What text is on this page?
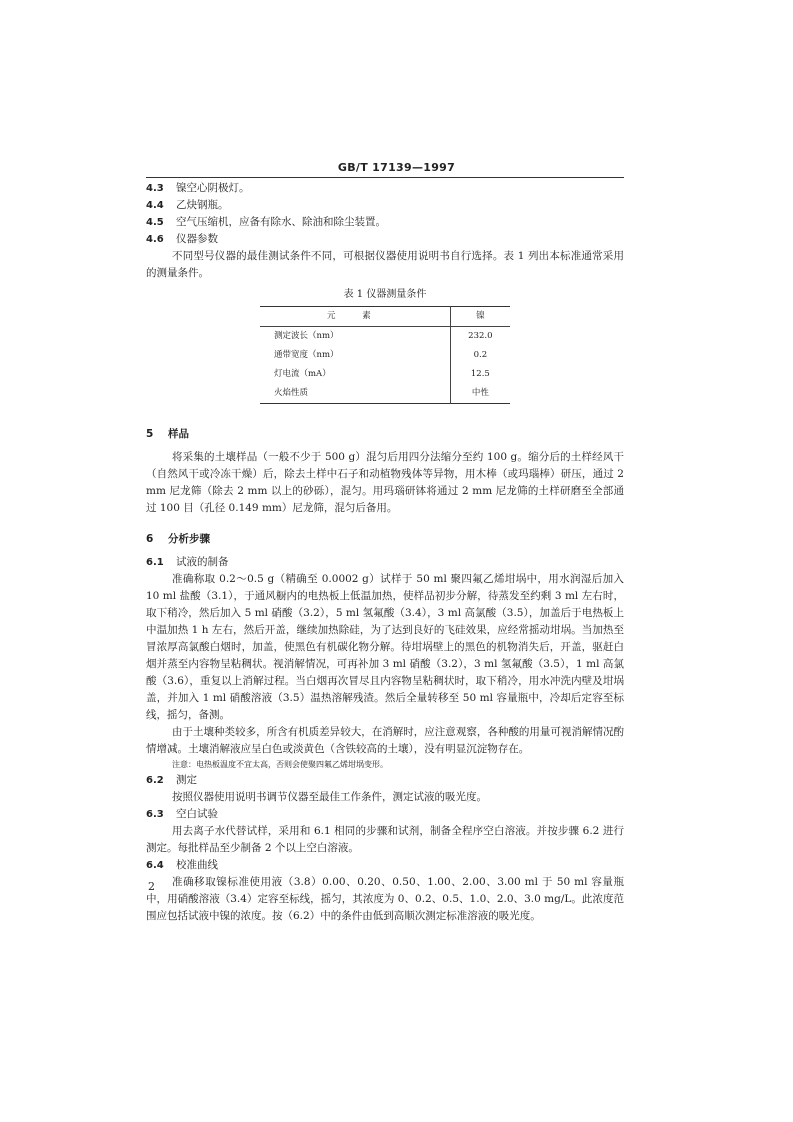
GB/T 17139—1997
4.3	镍空心阴极灯。
4.4	乙炔钢瓶。
4.5	空气压缩机，应备有除水、除油和除尘装置。
4.6	仪器参数

不同型号仪器的最佳测试条件不同，可根据仪器使用说明书自行选择。表 1 列出本标准通常采用的测量条件。

表 1 仪器测量条件
元 素	镍
测定波长（nm）	232.0
通带宽度（nm）	0.2
灯电流（mA）	12.5
火焰性质	中性
5	样品

将采集的土壤样品（一般不少于 500 g）混匀后用四分法缩分至约 100 g。缩分后的土样经风干（自然风干或冷冻干燥）后，除去土样中石子和动植物残体等异物，用木棒（或玛瑙棒）研压，通过 2 mm 尼龙筛（除去 2 mm 以上的砂砾），混匀。用玛瑙研钵将通过 2 mm 尼龙筛的土样研磨至全部通过 100 目（孔径 0.149 mm）尼龙筛，混匀后备用。

6	分析步骤
6.1	试液的制备

准确称取 0.2～0.5 g（精确至 0.0002 g）试样于 50 ml 聚四氟乙烯坩埚中，用水润湿后加入 10 ml 盐酸（3.1），于通风橱内的电热板上低温加热，使样品初步分解，待蒸发至约剩 3 ml 左右时，取下稍冷，然后加入 5 ml 硝酸（3.2），5 ml 氢氟酸（3.4），3 ml 高氯酸（3.5），加盖后于电热板上中温加热 1 h 左右，然后开盖，继续加热除硅，为了达到良好的飞硅效果，应经常摇动坩埚。当加热至冒浓厚高氯酸白烟时，加盖，使黑色有机碳化物分解。待坩埚壁上的黑色的机物消失后，开盖，驱赶白烟并蒸至内容物呈粘稠状。视消解情况，可再补加 3 ml 硝酸（3.2），3 ml 氢氟酸（3.5），1 ml 高氯酸（3.6），重复以上消解过程。当白烟再次冒尽且内容物呈粘稠状时，取下稍冷，用水冲洗内壁及坩埚盖，并加入 1 ml 硝酸溶液（3.5）温热溶解残渣。然后全量转移至 50 ml 容量瓶中，冷却后定容至标线，摇匀，备测。

由于土壤种类较多，所含有机质差异较大，在消解时，应注意观察，各种酸的用量可视消解情况酌情增减。土壤消解液应呈白色或淡黄色（含铁较高的土壤），没有明显沉淀物存在。

注意：电热板温度不宜太高，否则会使聚四氟乙烯坩埚变形。
6.2	测定

按照仪器使用说明书调节仪器至最佳工作条件，测定试液的吸光度。

6.3	空白试验

用去离子水代替试样，采用和 6.1 相同的步骤和试剂，制备全程序空白溶液。并按步骤 6.2 进行测定。每批样品至少制备 2 个以上空白溶液。

6.4	校准曲线

准确移取镍标准使用液（3.8）0.00、0.20、0.50、1.00、2.00、3.00 ml 于 50 ml 容量瓶中，用硝酸溶液（3.4）定容至标线，摇匀，其浓度为 0、0.2、0.5、1.0、2.0、3.0 mg/L。此浓度范围应包括试液中镍的浓度。按（6.2）中的条件由低到高顺次测定标准溶液的吸光度。

2
